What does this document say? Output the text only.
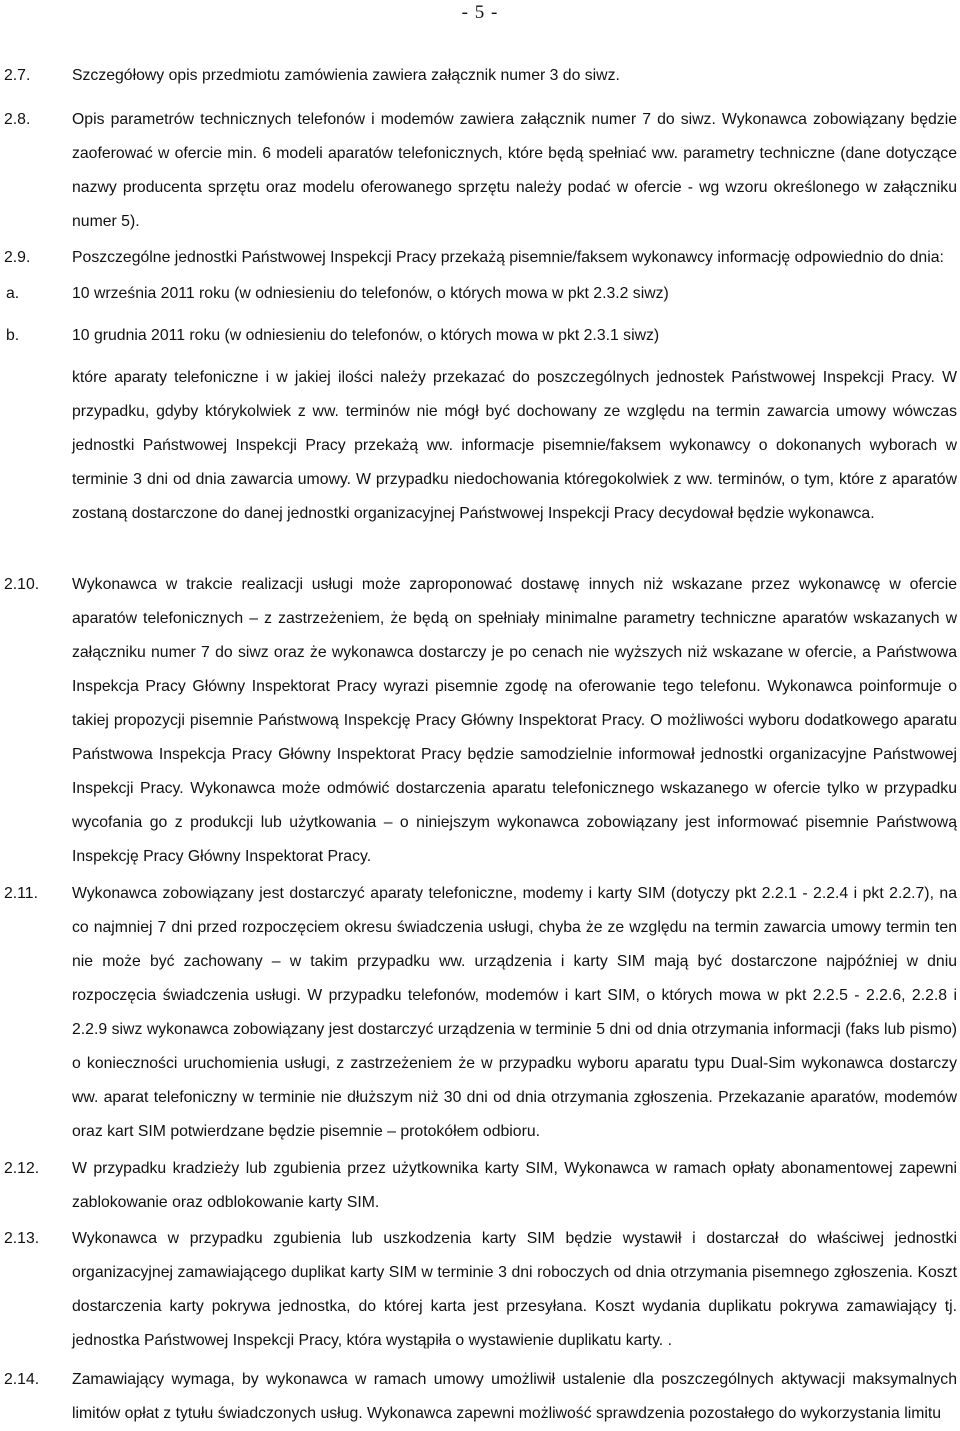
- 5 -
2.7.	Szczegółowy opis przedmiotu zamówienia zawiera załącznik numer 3 do siwz.
2.8.	Opis parametrów technicznych telefonów i modemów zawiera załącznik numer 7 do siwz. Wykonawca zobowiązany będzie zaoferować w ofercie min. 6 modeli aparatów telefonicznych, które będą spełniać ww. parametry techniczne (dane dotyczące nazwy producenta sprzętu oraz modelu oferowanego sprzętu należy podać w ofercie - wg wzoru określonego w załączniku numer 5).
2.9.	Poszczególne jednostki Państwowej Inspekcji Pracy przekażą pisemnie/faksem wykonawcy informację odpowiednio do dnia:
a.	10 września 2011 roku (w odniesieniu do telefonów, o których mowa w pkt 2.3.2 siwz)
b.	10 grudnia 2011 roku (w odniesieniu do telefonów, o których mowa w pkt 2.3.1 siwz)
które aparaty telefoniczne i w jakiej ilości należy przekazać do poszczególnych jednostek Państwowej Inspekcji Pracy. W przypadku, gdyby którykolwiek z ww. terminów nie mógł być dochowany ze względu na termin zawarcia umowy wówczas jednostki Państwowej Inspekcji Pracy przekażą ww. informacje pisemnie/faksem wykonawcy o dokonanych wyborach w terminie 3 dni od dnia zawarcia umowy. W przypadku niedochowania któregokolwiek z ww. terminów, o tym, które z aparatów zostaną dostarczone do danej jednostki organizacyjnej Państwowej Inspekcji Pracy decydował będzie wykonawca.
2.10.	Wykonawca w trakcie realizacji usługi może zaproponować dostawę innych niż wskazane przez wykonawcę w ofercie aparatów telefonicznych – z zastrzeżeniem, że będą on spełniały minimalne parametry techniczne aparatów wskazanych w załączniku numer 7 do siwz oraz że wykonawca dostarczy je po cenach nie wyższych niż wskazane w ofercie, a Państwowa Inspekcja Pracy Główny Inspektorat Pracy wyrazi pisemnie zgodę na oferowanie tego telefonu. Wykonawca poinformuje o takiej propozycji pisemnie Państwową Inspekcję Pracy Główny Inspektorat Pracy. O możliwości wyboru dodatkowego aparatu Państwowa Inspekcja Pracy Główny Inspektorat Pracy będzie samodzielnie informował jednostki organizacyjne Państwowej Inspekcji Pracy. Wykonawca może odmówić dostarczenia aparatu telefonicznego wskazanego w ofercie tylko w przypadku wycofania go z produkcji lub użytkowania – o niniejszym wykonawca zobowiązany jest informować pisemnie Państwową Inspekcję Pracy Główny Inspektorat Pracy.
2.11.	Wykonawca zobowiązany jest dostarczyć aparaty telefoniczne, modemy i karty SIM (dotyczy pkt 2.2.1 - 2.2.4 i pkt 2.2.7), na co najmniej 7 dni przed rozpoczęciem okresu świadczenia usługi, chyba że ze względu na termin zawarcia umowy termin ten nie może być zachowany – w takim przypadku ww. urządzenia i karty SIM mają być dostarczone najpóźniej w dniu rozpoczęcia świadczenia usługi. W przypadku telefonów, modemów i kart SIM, o których mowa w pkt 2.2.5 - 2.2.6, 2.2.8 i 2.2.9 siwz wykonawca zobowiązany jest dostarczyć urządzenia w terminie 5 dni od dnia otrzymania informacji (faks lub pismo) o konieczności uruchomienia usługi, z zastrzeżeniem że w przypadku wyboru aparatu typu Dual-Sim wykonawca dostarczy ww. aparat telefoniczny w terminie nie dłuższym niż 30 dni od dnia otrzymania zgłoszenia. Przekazanie aparatów, modemów oraz kart SIM potwierdzane będzie pisemnie – protokółem odbioru.
2.12.	W przypadku kradzieży lub zgubienia przez użytkownika karty SIM, Wykonawca w ramach opłaty abonamentowej zapewni zablokowanie oraz odblokowanie karty SIM.
2.13.	Wykonawca w przypadku zgubienia lub uszkodzenia karty SIM będzie wystawił i dostarczał do właściwej jednostki organizacyjnej zamawiającego duplikat karty SIM w terminie 3 dni roboczych od dnia otrzymania pisemnego zgłoszenia. Koszt dostarczenia karty pokrywa jednostka, do której karta jest przesyłana. Koszt wydania duplikatu pokrywa zamawiający tj. jednostka Państwowej Inspekcji Pracy, która wystąpiła o wystawienie duplikatu karty. .
2.14.	Zamawiający wymaga, by wykonawca w ramach umowy umożliwił ustalenie dla poszczególnych aktywacji maksymalnych limitów opłat z tytułu świadczonych usług. Wykonawca zapewni możliwość sprawdzenia pozostałego do wykorzystania limitu
